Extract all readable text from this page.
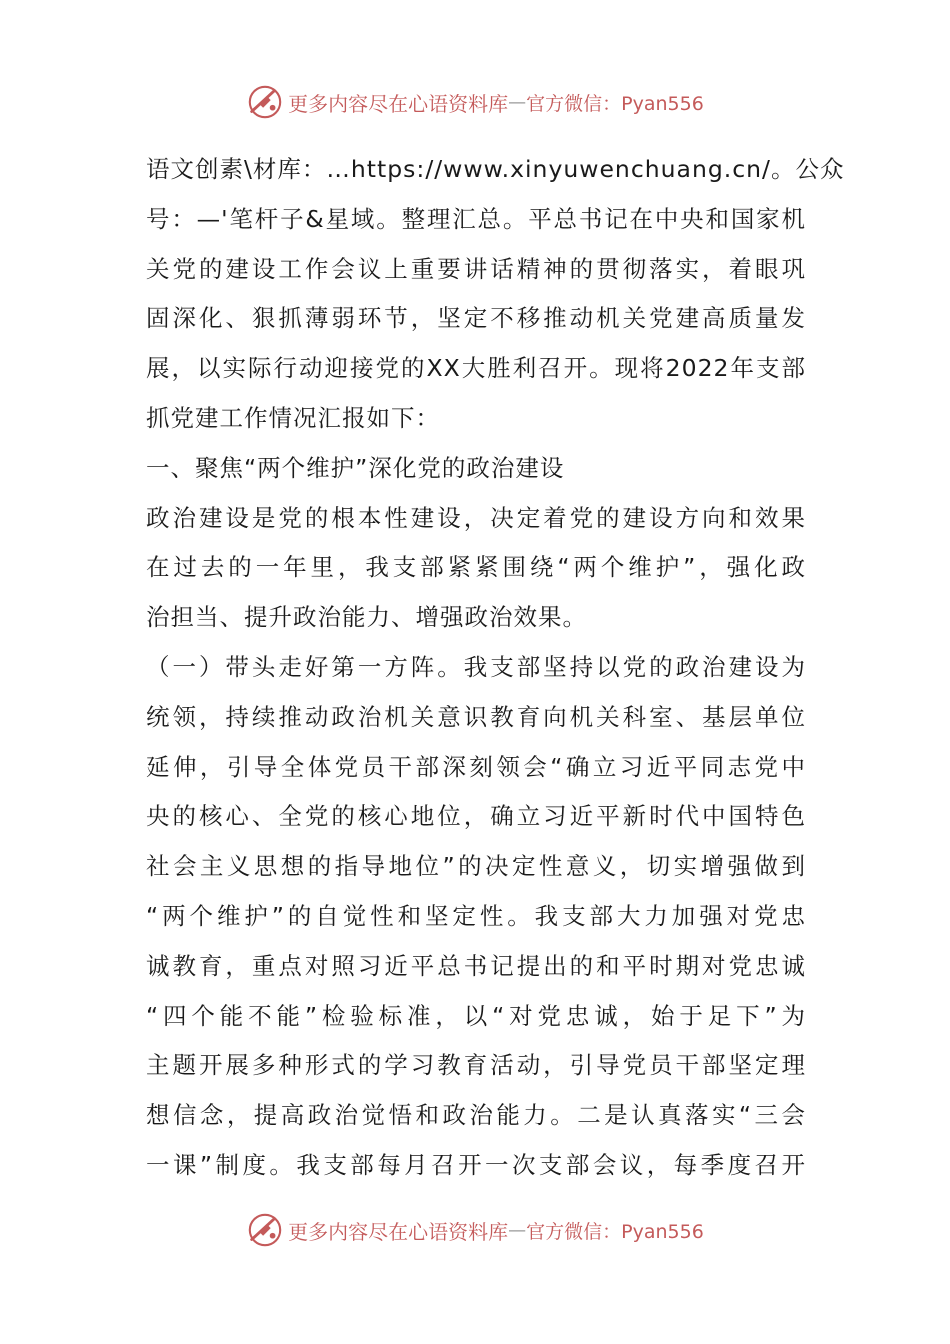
更多内容尽在心语资料库 — 官方微信：Pyan556
语文创素\材库：…https://www.xinyuwenchuang.cn/。公众
号：—'笔杆子&星域。整理汇总。平总书记在中央和国家机
关党的建设工作会议上重要讲话精神的贯彻落实，着眼巩
固深化、狠抓薄弱环节，坚定不移推动机关党建高质量发
展，以实际行动迎接党的XX大胜利召开。现将2022年支部
抓党建工作情况汇报如下：
一、聚焦“两个维护”深化党的政治建设
政治建设是党的根本性建设，决定着党的建设方向和效果
在过去的一年里，我支部紧紧围绕“两个维护”，强化政
治担当、提升政治能力、增强政治效果。
（一）带头走好第一方阵。我支部坚持以党的政治建设为
统领，持续推动政治机关意识教育向机关科室、基层单位
延伸，引导全体党员干部深刻领会“确立习近平同志党中
央的核心、全党的核心地位，确立习近平新时代中国特色
社会主义思想的指导地位”的决定性意义，切实增强做到
“两个维护”的自觉性和坚定性。我支部大力加强对党忠
诚教育，重点对照习近平总书记提出的和平时期对党忠诚
“四个能不能”检验标准，以“对党忠诚，始于足下”为
主题开展多种形式的学习教育活动，引导党员干部坚定理
想信念，提高政治觉悟和政治能力。二是认真落实“三会
一课”制度。我支部每月召开一次支部会议，每季度召开
更多内容尽在心语资料库 — 官方微信：Pyan556
